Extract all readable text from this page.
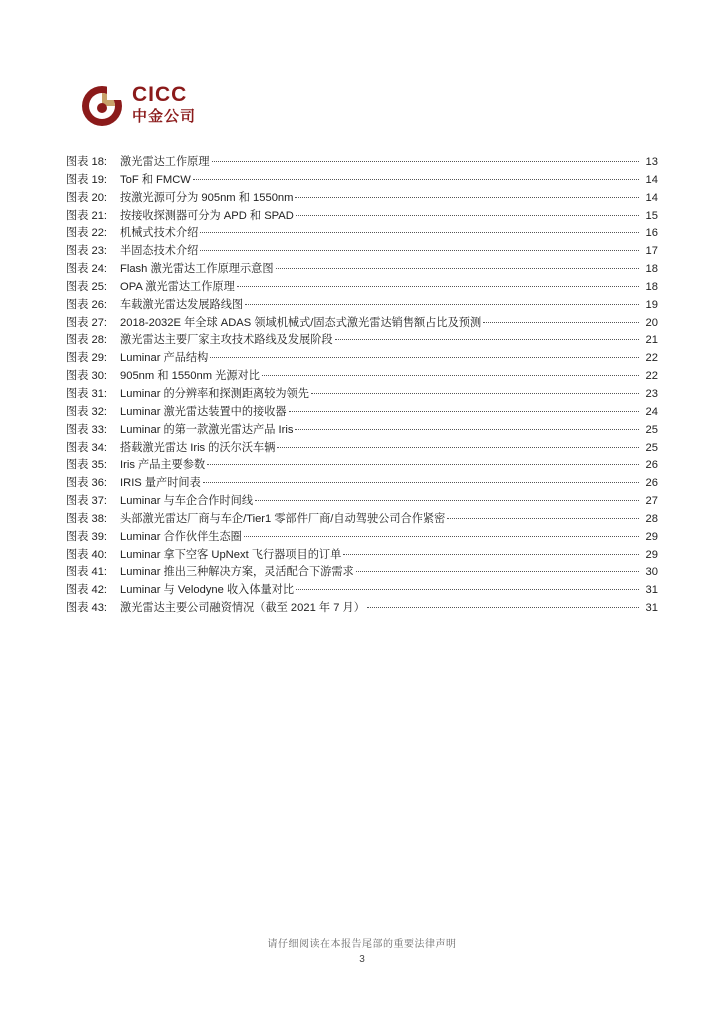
CICC
中金公司
图表 18:	激光雷达工作原理	13
图表 19:	ToF 和 FMCW	14
图表 20:	按激光源可分为 905nm 和 1550nm	14
图表 21:	按接收探测器可分为 APD 和 SPAD	15
图表 22:	机械式技术介绍	16
图表 23:	半固态技术介绍	17
图表 24:	Flash 激光雷达工作原理示意图	18
图表 25:	OPA 激光雷达工作原理	18
图表 26:	车载激光雷达发展路线图	19
图表 27:	2018-2032E 年全球 ADAS 领域机械式/固态式激光雷达销售额占比及预测	20
图表 28:	激光雷达主要厂家主攻技术路线及发展阶段	21
图表 29:	Luminar 产品结构	22
图表 30:	905nm 和 1550nm 光源对比	22
图表 31:	Luminar 的分辨率和探测距离较为领先	23
图表 32:	Luminar 激光雷达装置中的接收器	24
图表 33:	Luminar 的第一款激光雷达产品 Iris	25
图表 34:	搭载激光雷达 Iris 的沃尔沃车辆	25
图表 35:	Iris 产品主要参数	26
图表 36:	IRIS 量产时间表	26
图表 37:	Luminar 与车企合作时间线	27
图表 38:	头部激光雷达厂商与车企/Tier1 零部件厂商/自动驾驶公司合作紧密	28
图表 39:	Luminar 合作伙伴生态圈	29
图表 40:	Luminar 拿下空客 UpNext 飞行器项目的订单	29
图表 41:	Luminar 推出三种解决方案，灵活配合下游需求	30
图表 42:	Luminar 与 Velodyne 收入体量对比	31
图表 43:	激光雷达主要公司融资情况（截至 2021 年 7 月）	31
请仔细阅读在本报告尾部的重要法律声明
3
